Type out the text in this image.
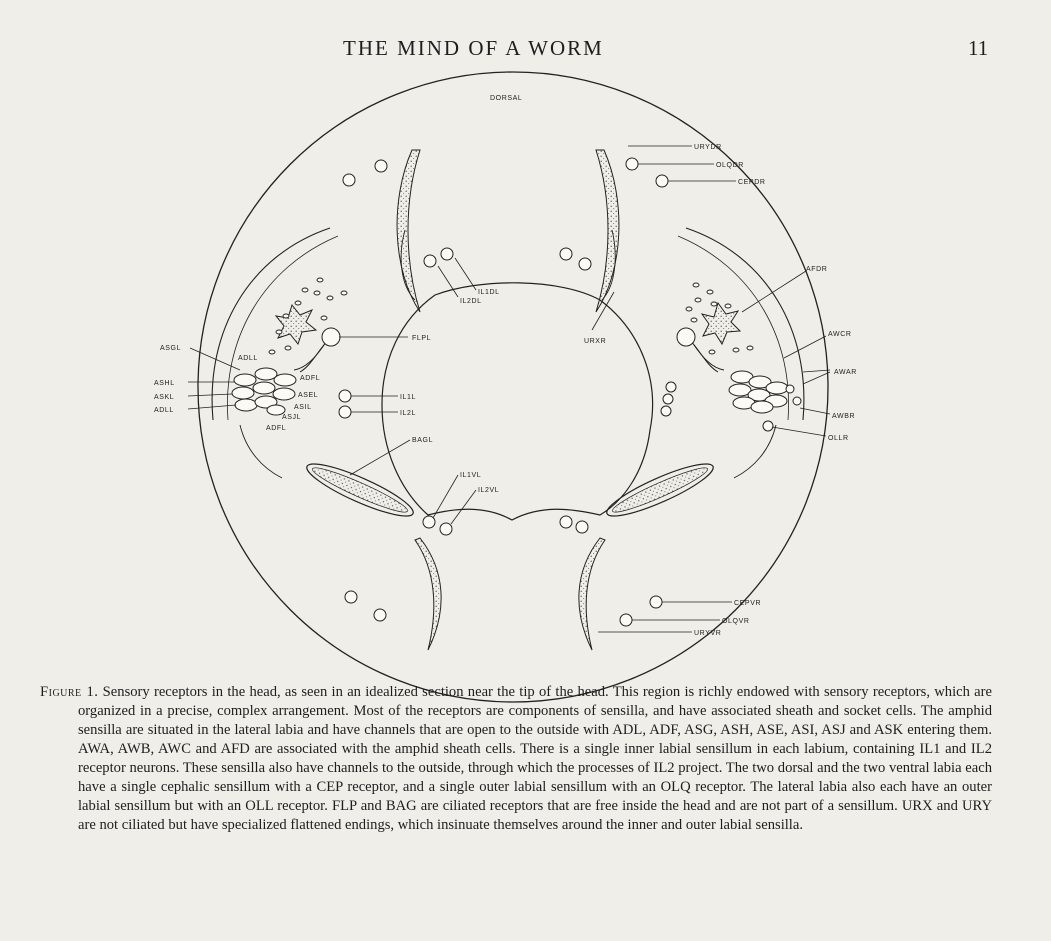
THE MIND OF A WORM	11
DORSAL
URYDR
OLQDR
CEPDR
AFDR
AWCR
AWAR
AWBR
OLLR
IL1DL
IL2DL
FLPL	URXR
ASGL
ADLL
ADFL
ASHL
ASKL
ADLL
ASEL
ASIL
ASJL
ADFL
IL1L
IL2L
BAGL
IL1VL
IL2VL
CEPVR
OLQVR
URYVR

Figure 1. Sensory receptors in the head, as seen in an idealized section near the tip of the head. This region is richly endowed with sensory receptors, which are organized in a precise, complex arrangement. Most of the receptors are components of sensilla, and have associated sheath and socket cells. The amphid sensilla are situated in the lateral labia and have channels that are open to the outside with ADL, ADF, ASG, ASH, ASE, ASI, ASJ and ASK entering them. AWA, AWB, AWC and AFD are associated with the amphid sheath cells. There is a single inner labial sensillum in each labium, containing IL1 and IL2 receptor neurons. These sensilla also have channels to the outside, through which the processes of IL2 project. The two dorsal and the two ventral labia each have a single cephalic sensillum with a CEP receptor, and a single outer labial sensillum with an OLQ receptor. The lateral labia also each have an outer labial sensillum but with an OLL receptor. FLP and BAG are ciliated receptors that are free inside the head and are not part of a sensillum. URX and URY are not ciliated but have specialized flattened endings, which insinuate themselves around the inner and outer labial sensilla.
